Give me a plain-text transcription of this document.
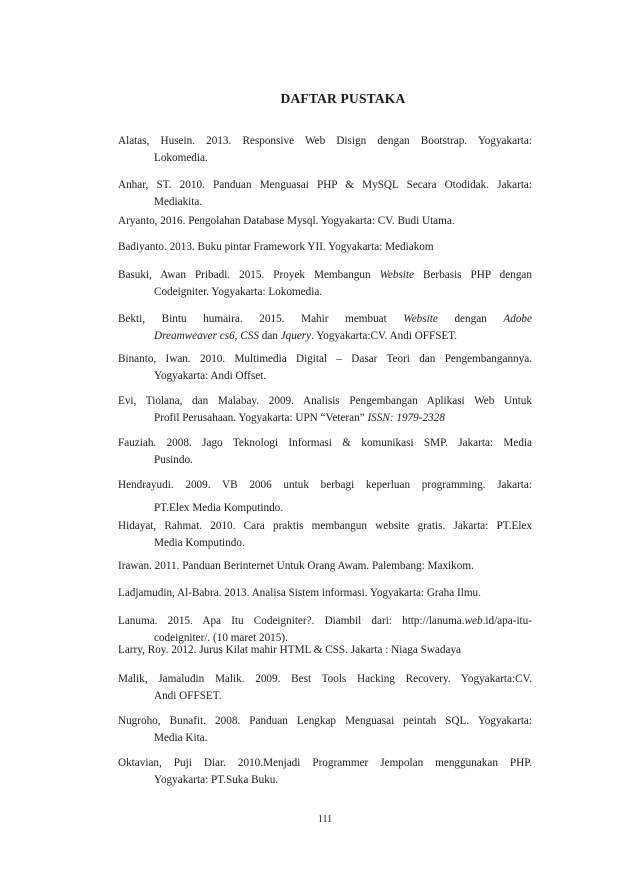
DAFTAR PUSTAKA
Alatas, Husein. 2013. Responsive Web Disign dengan Bootstrap. Yogyakarta:
Lokomedia.
Anhar, ST. 2010. Panduan Menguasai PHP & MySQL Secara Otodidak. Jakarta:
Mediakita.
Aryanto, 2016. Pengolahan Database Mysql. Yogyakarta: CV. Budi Utama.
Badiyanto. 2013. Buku pintar Framework YII. Yogyakarta: Mediakom
Basuki, Awan Pribadi. 2015. Proyek Membangun Website Berbasis PHP dengan
Codeigniter. Yogyakarta: Lokomedia.
Bekti, Bintu humaira. 2015. Mahir membuat Website dengan Adobe
Dreamweaver cs6, CSS dan Jquery. Yogyakarta:CV. Andi OFFSET.
Binanto, Iwan. 2010. Multimedia Digital – Dasar Teori dan Pengembangannya.
Yogyakarta: Andi Offset.
Evi, Tiolana, dan Malabay. 2009. Analisis Pengembangan Aplikasi Web Untuk
Profil Perusahaan. Yogyakarta: UPN “Veteran” ISSN: 1979-2328
Fauziah. 2008. Jago Teknologi Informasi & komunikasi SMP. Jakarta: Media
Pusindo.
Hendrayudi. 2009. VB 2006 untuk berbagi keperluan programming. Jakarta:
PT.Elex Media Komputindo.
Hidayat, Rahmat. 2010. Cara praktis membangun website gratis. Jakarta: PT.Elex
Media Komputindo.
Irawan. 2011. Panduan Berinternet Untuk Orang Awam. Palembang: Maxikom.
Ladjamudin, Al-Babra. 2013. Analisa Sistem informasi. Yogyakarta: Graha Ilmu.
Lanuma. 2015. Apa Itu Codeigniter?. Diambil dari: http://lanuma.web.id/apa-itu-
codeigniter/. (10 maret 2015).
Larry, Roy. 2012. Jurus Kilat mahir HTML & CSS. Jakarta : Niaga Swadaya
Malik, Jamaludin Malik. 2009. Best Tools Hacking Recovery. Yogyakarta:CV.
Andi OFFSET.
Nugroho, Bunafit. 2008. Panduan Lengkap Menguasai peintah SQL. Yogyakarta:
Media Kita.
Oktavian, Puji Diar. 2010.Menjadi Programmer Jempolan menggunakan PHP.
Yogyakarta: PT.Suka Buku.
111
